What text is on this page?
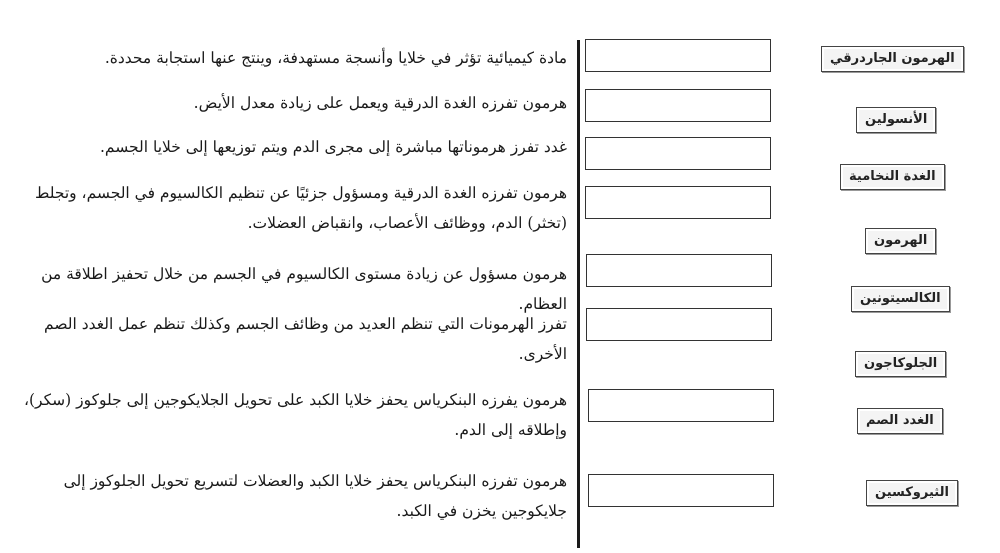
مادة كيميائية تؤثر في خلايا وأنسجة مستهدفة، وينتج عنها استجابة محددة.
هرمون تفرزه الغدة الدرقية ويعمل على زيادة معدل الأيض.
غدد تفرز هرموناتها مباشرة إلى مجرى الدم ويتم توزيعها إلى خلايا الجسم.
هرمون تفرزه الغدة الدرقية ومسؤول جزئيًا عن تنظيم الكالسيوم في الجسم، وتجلط (تخثر) الدم، ووظائف الأعصاب، وانقباض العضلات.
هرمون مسؤول عن زيادة مستوى الكالسيوم في الجسم من خلال تحفيز اطلاقة من العظام.
تفرز الهرمونات التي تنظم العديد من وظائف الجسم وكذلك تنظم عمل الغدد الصم الأخرى.
هرمون يفرزه البنكرياس يحفز خلايا الكبد على تحويل الجلايكوجين إلى جلوكوز (سكر)، وإطلاقه إلى الدم.
هرمون تفرزه البنكرياس يحفز خلايا الكبد والعضلات لتسريع تحويل الجلوكوز إلى جلايكوجين يخزن في الكبد.
الهرمون الجاردرقي
الأنسولين
الغدة النخامية
الهرمون
الكالسيتونين
الجلوكاجون
الغدد الصم
الثيروكسين
